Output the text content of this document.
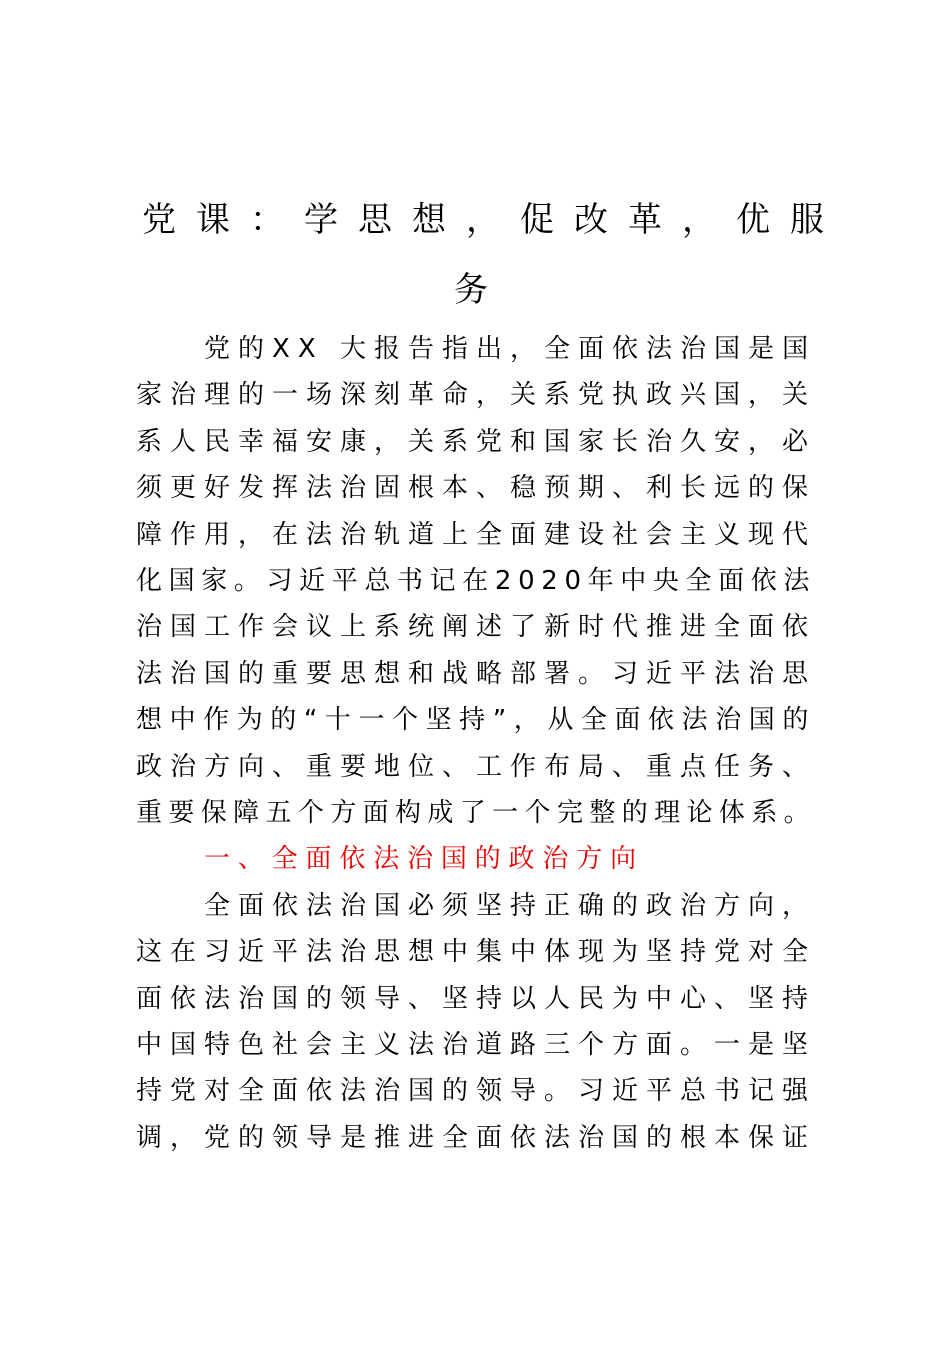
党课：学思想，促改革，优服
务
党的XX 大报告指出，全面依法治国是国
家治理的一场深刻革命，关系党执政兴国，关
系人民幸福安康，关系党和国家长治久安，必
须更好发挥法治固根本、稳预期、利长远的保
障作用，在法治轨道上全面建设社会主义现代
化国家。习近平总书记在2020年中央全面依法
治国工作会议上系统阐述了新时代推进全面依
法治国的重要思想和战略部署。习近平法治思
想中作为的“十一个坚持”，从全面依法治国的
政治方向、重要地位、工作布局、重点任务、
重要保障五个方面构成了一个完整的理论体系。
一、全面依法治国的政治方向
全面依法治国必须坚持正确的政治方向，
这在习近平法治思想中集中体现为坚持党对全
面依法治国的领导、坚持以人民为中心、坚持
中国特色社会主义法治道路三个方面。一是坚
持党对全面依法治国的领导。习近平总书记强
调，党的领导是推进全面依法治国的根本保证
